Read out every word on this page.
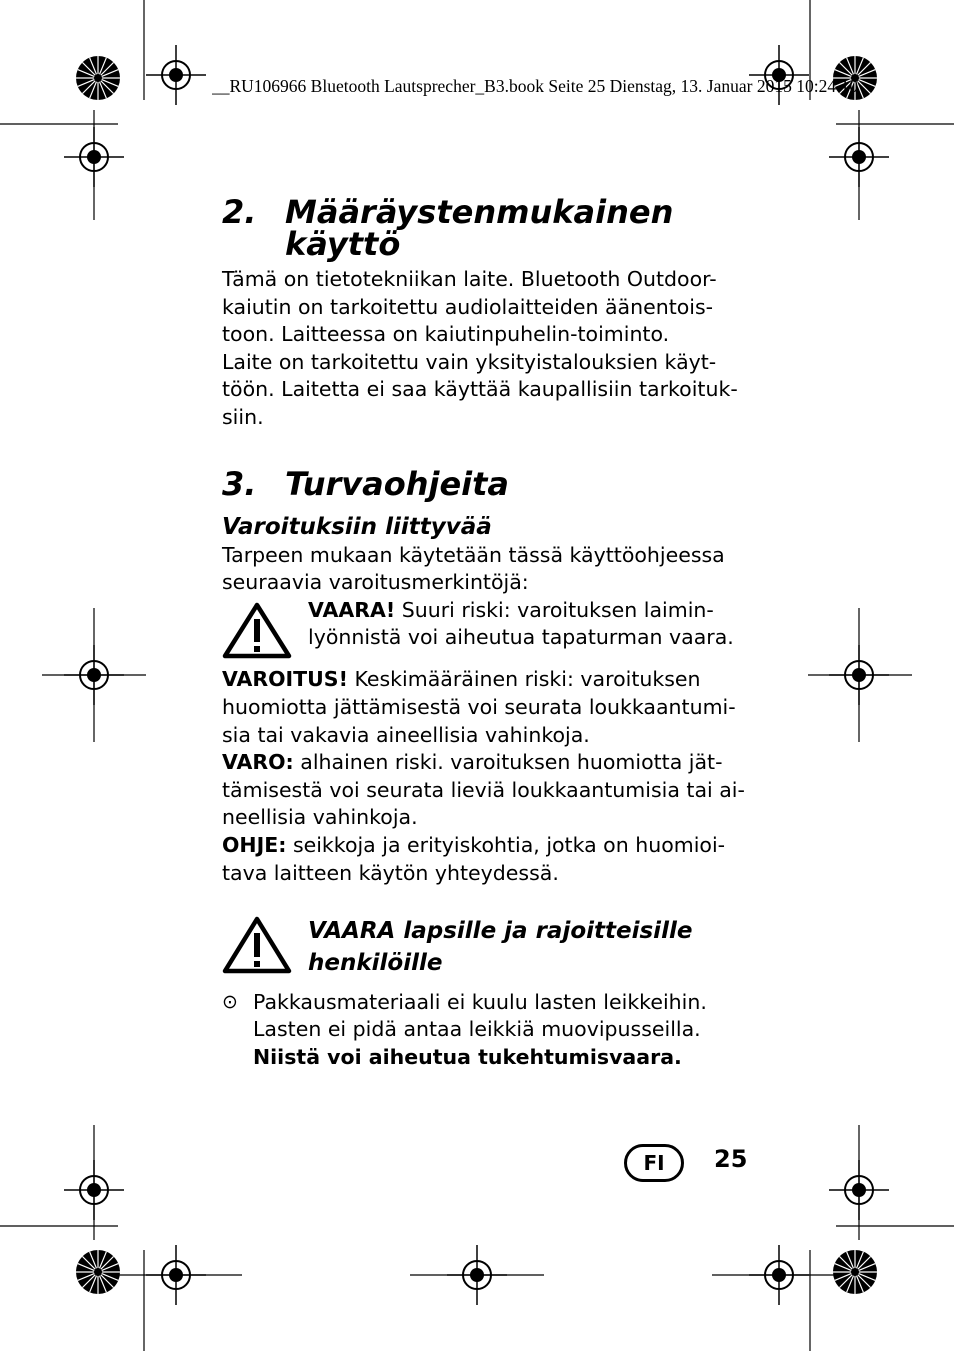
__RU106966 Bluetooth Lautsprecher_B3.book Seite 25 Dienstag, 13. Januar 2015 10:24 10
2. Määräystenmukainen
käyttö

Tämä on tietotekniikan laite. Bluetooth Outdoor-
kaiutin on tarkoitettu audiolaitteiden äänentois-
toon. Laitteessa on kaiutinpuhelin-toiminto.
Laite on tarkoitettu vain yksityistalouksien käyt-
töön. Laitetta ei saa käyttää kaupallisiin tarkoituk-
siin.

3. Turvaohjeita
Varoituksiin liittyvää

Tarpeen mukaan käytetään tässä käyttöohjeessa
seuraavia varoitusmerkintöjä:

VAARA! Suuri riski: varoituksen laimin-
lyönnistä voi aiheutua tapaturman vaara.

VAROITUS! Keskimääräinen riski: varoituksen
huomiotta jättämisestä voi seurata loukkaantumi-
sia tai vakavia aineellisia vahinkoja.

VARO: alhainen riski. varoituksen huomiotta jät-
tämisestä voi seurata lieviä loukkaantumisia tai ai-
neellisia vahinkoja.

OHJE: seikkoja ja erityiskohtia, jotka on huomioi-
tava laitteen käytön yhteydessä.

VAARA lapsille ja rajoitteisille
henkilöille
⊙ Pakkausmateriaali ei kuulu lasten leikkeihin.
Lasten ei pidä antaa leikkiä muovipusseilla.
Niistä voi aiheutua tukehtumisvaara.
FI	25
